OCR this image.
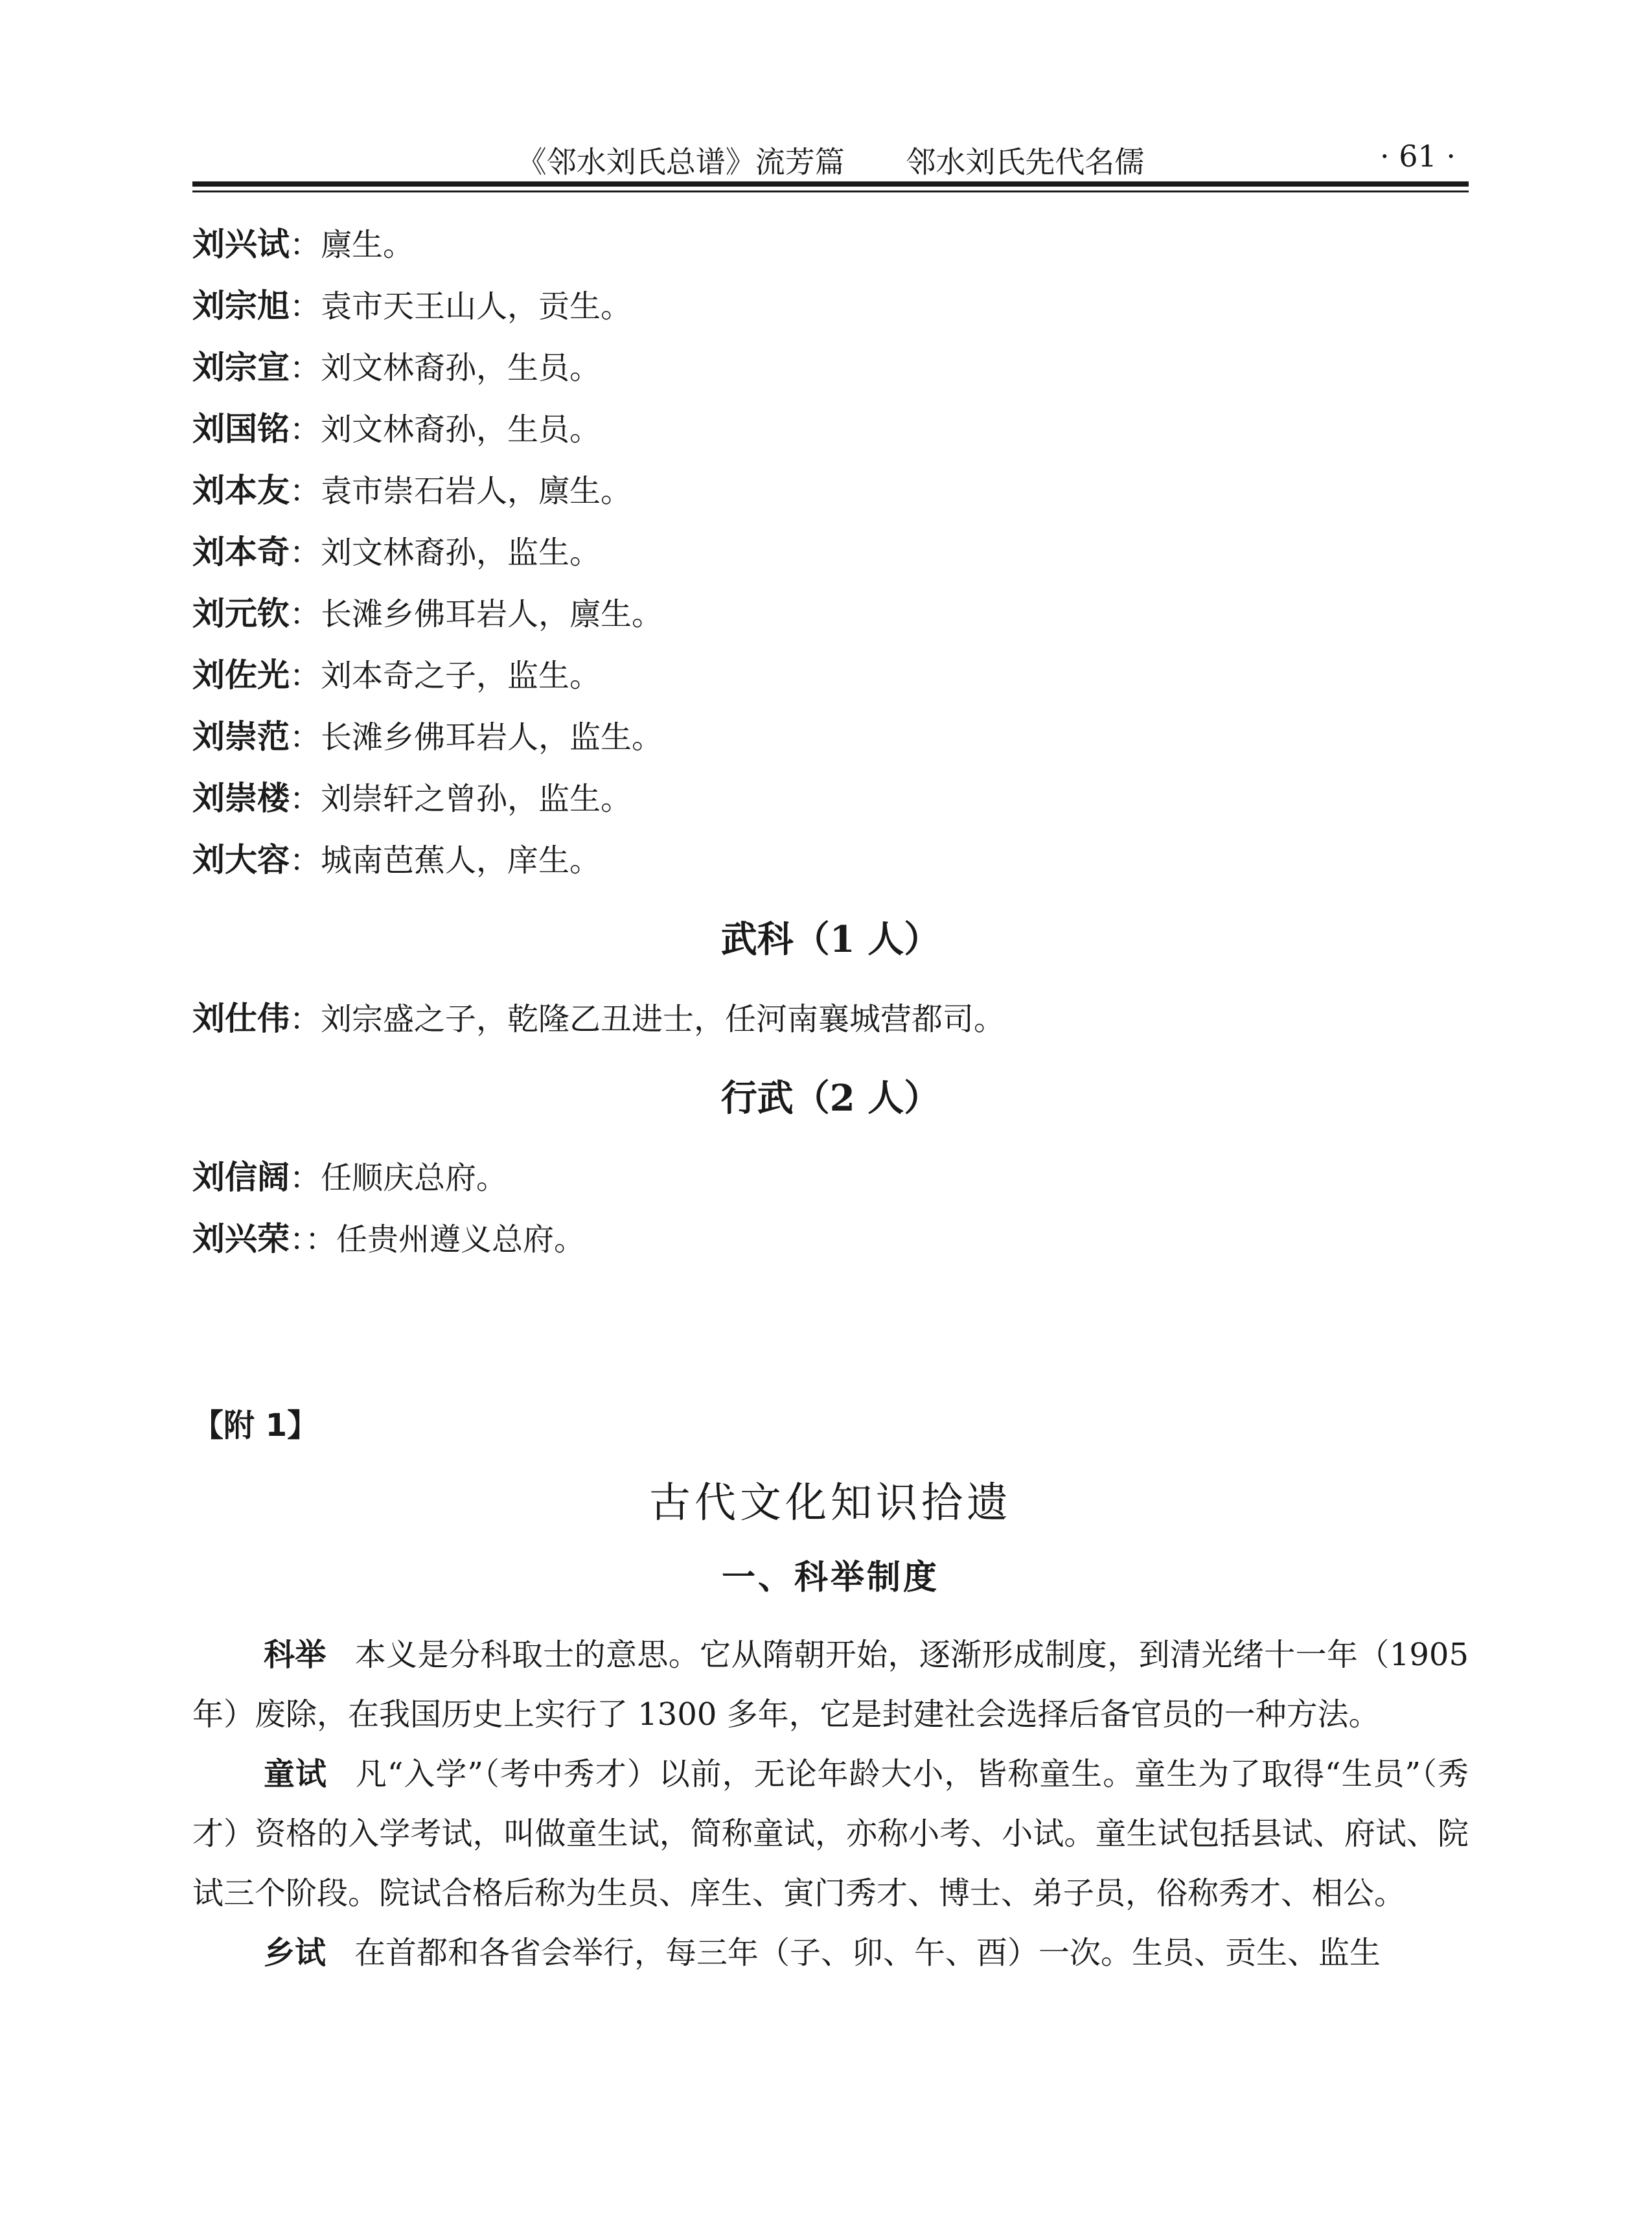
《邻水刘氏总谱》流芳篇 邻水刘氏先代名儒	· 61 ·
刘兴试：廪生。
刘宗旭：袁市天王山人，贡生。
刘宗宣：刘文林裔孙，生员。
刘国铭：刘文林裔孙，生员。
刘本友：袁市崇石岩人，廪生。
刘本奇：刘文林裔孙，监生。
刘元钦：长滩乡佛耳岩人，廪生。
刘佐光：刘本奇之子，监生。
刘崇范：长滩乡佛耳岩人，监生。
刘崇楼：刘崇轩之曾孙，监生。
刘大容：城南芭蕉人，庠生。
武科（1 人）
刘仕伟：刘宗盛之子，乾隆乙丑进士，任河南襄城营都司。
行武（2 人）
刘信阔：任顺庆总府。
刘兴荣：：任贵州遵义总府。
【附 1】
古代文化知识拾遗
一、科举制度

科举 本义是分科取士的意思。它从隋朝开始，逐渐形成制度，到清光绪十一年（1905 年）废除，在我国历史上实行了 1300 多年，它是封建社会选择后备官员的一种方法。

童试 凡“入学”（考中秀才）以前，无论年龄大小，皆称童生。童生为了取得“生员”（秀才）资格的入学考试，叫做童生试，简称童试，亦称小考、小试。童生试包括县试、府试、院试三个阶段。院试合格后称为生员、庠生、寅门秀才、博士、弟子员，俗称秀才、相公。

乡试 在首都和各省会举行，每三年（子、卯、午、酉）一次。生员、贡生、监生
